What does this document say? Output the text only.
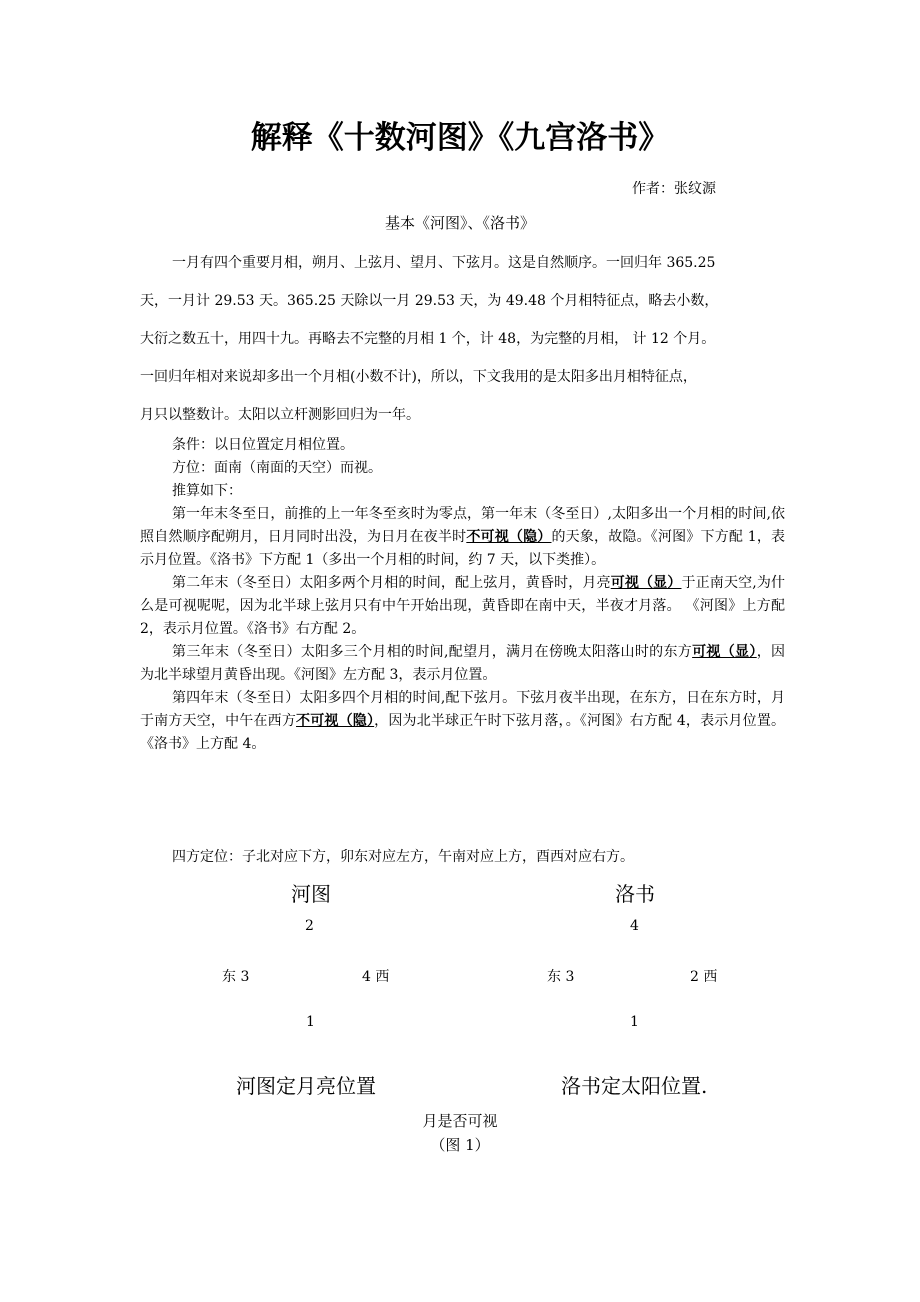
解释《十数河图》《九宫洛书》
作者：张纹源
基本《河图》、《洛书》

一月有四个重要月相，朔月、上弦月、望月、下弦月。这是自然顺序。一回归年 365.25

天，一月计 29.53 天。365.25 天除以一月 29.53 天，为 49.48 个月相特征点，略去小数，

大衍之数五十，用四十九。再略去不完整的月相 1 个，计 48，为完整的月相， 计 12 个月。

一回归年相对来说却多出一个月相(小数不计)，所以，下文我用的是太阳多出月相特征点，

月只以整数计。太阳以立杆测影回归为一年。

条件：以日位置定月相位置。

方位：面南（南面的天空）而视。

推算如下：

第一年末冬至日，前推的上一年冬至亥时为零点，第一年末（冬至日）,太阳多出一个月相的时间,依照自然顺序配朔月，日月同时出没，为日月在夜半时不可视（隐）的天象，故隐。《河图》下方配 1，表示月位置。《洛书》下方配 1（多出一个月相的时间，约 7 天，以下类推）。

第二年末（冬至日）太阳多两个月相的时间，配上弦月，黄昏时，月亮可视（显）于正南天空,为什么是可视呢呢，因为北半球上弦月只有中午开始出现，黄昏即在南中天，半夜才月落。 《河图》上方配 2，表示月位置。《洛书》右方配 2。

第三年末（冬至日）太阳多三个月相的时间,配望月，满月在傍晚太阳落山时的东方可视（显），因为北半球望月黄昏出现。《河图》左方配 3，表示月位置。

第四年末（冬至日）太阳多四个月相的时间,配下弦月。下弦月夜半出现，在东方，日在东方时，月于南方天空，中午在西方不可视（隐），因为北半球正午时下弦月落，。《河图》右方配 4，表示月位置。《洛书》上方配 4。

四方定位：子北对应下方，卯东对应左方，午南对应上方，酉西对应右方。
河图
2
东 3	4 西
1
河图定月亮位置
洛书
4
东 3	2 西
1
洛书定太阳位置.
月是否可视
（图 1）
